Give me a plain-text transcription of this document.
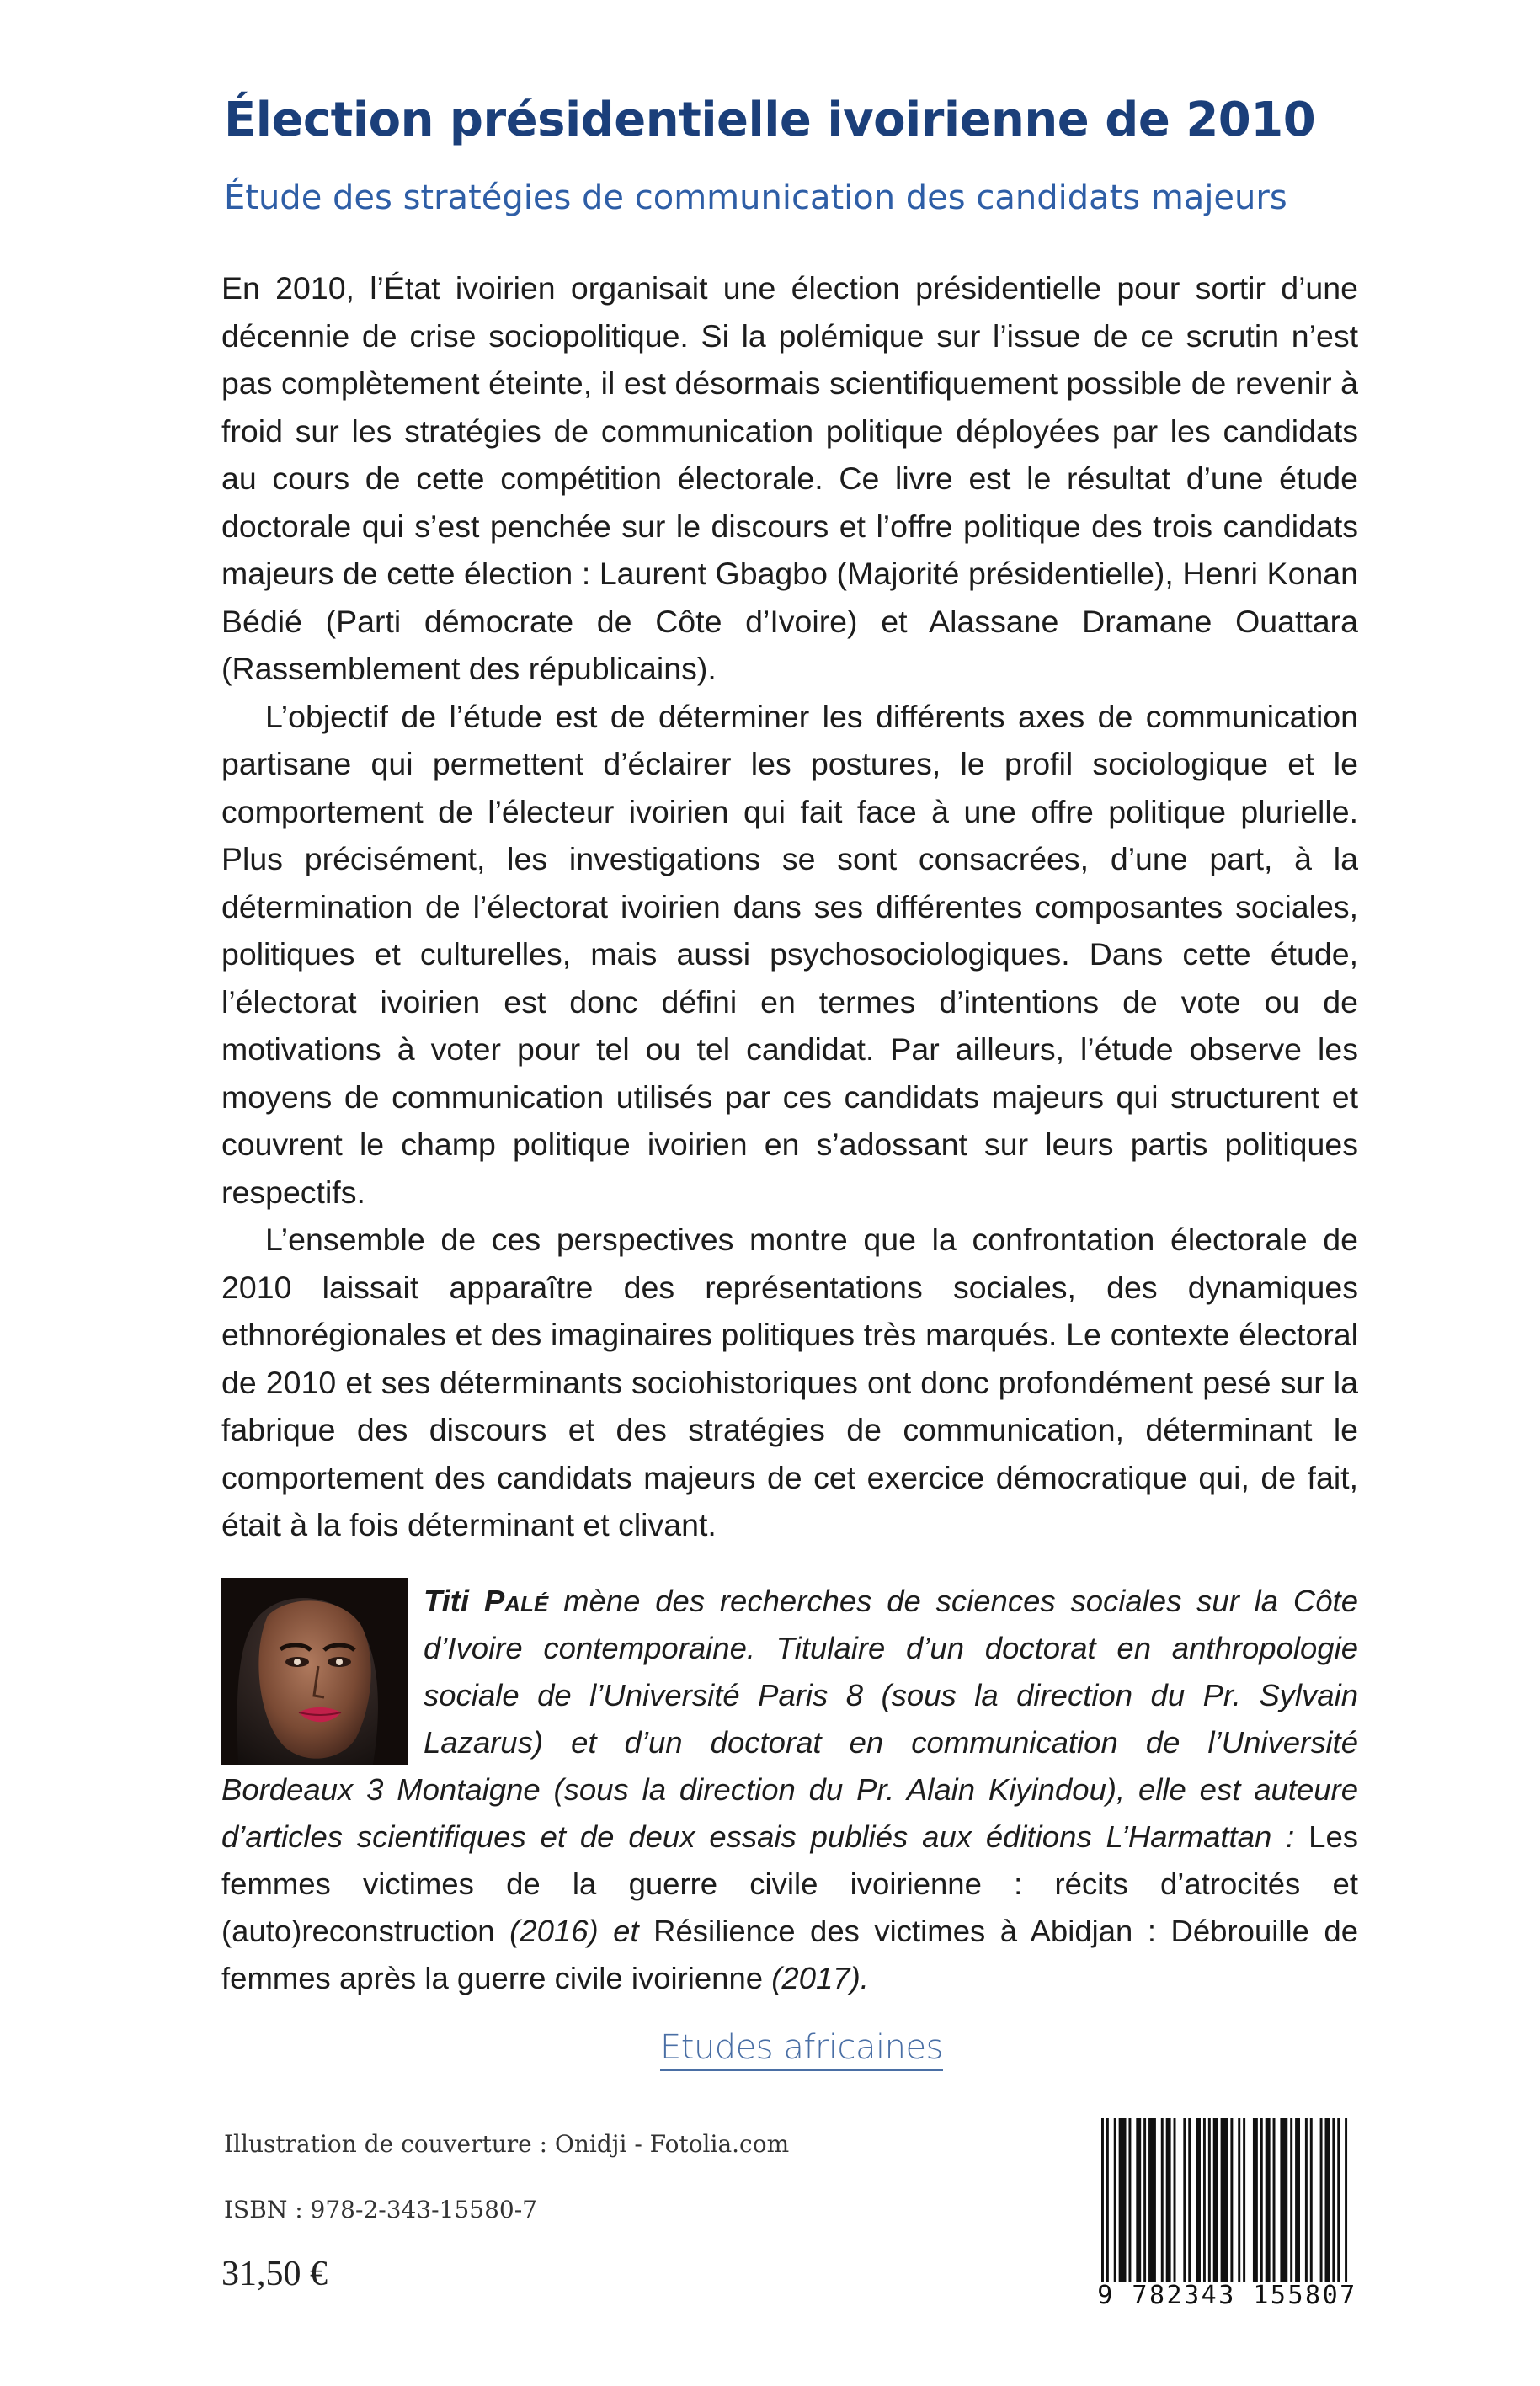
Élection présidentielle ivoirienne de 2010
Étude des stratégies de communication des candidats majeurs

En 2010, l’État ivoirien organisait une élection présidentielle pour sortir d’une décennie de crise sociopolitique. Si la polémique sur l’issue de ce scrutin n’est pas complètement éteinte, il est désormais scientifiquement possible de revenir à froid sur les stratégies de communication politique déployées par les candidats au cours de cette compétition électorale. Ce livre est le résultat d’une étude doctorale qui s’est penchée sur le discours et l’offre politique des trois candidats majeurs de cette élection : Laurent Gbagbo (Majorité présidentielle), Henri Konan Bédié (Parti démocrate de Côte d’Ivoire) et Alassane Dramane Ouattara (Rassemblement des républicains).

L’objectif de l’étude est de déterminer les différents axes de communication partisane qui permettent d’éclairer les postures, le profil sociologique et le comportement de l’électeur ivoirien qui fait face à une offre politique plurielle. Plus précisément, les investigations se sont consacrées, d’une part, à la détermination de l’électorat ivoirien dans ses différentes composantes sociales, politiques et culturelles, mais aussi psychosociologiques. Dans cette étude, l’électorat ivoirien est donc défini en termes d’intentions de vote ou de motivations à voter pour tel ou tel candidat. Par ailleurs, l’étude observe les moyens de communication utilisés par ces candidats majeurs qui structurent et couvrent le champ politique ivoirien en s’adossant sur leurs partis politiques respectifs.

L’ensemble de ces perspectives montre que la confrontation électorale de 2010 laissait apparaître des représentations sociales, des dynamiques ethnorégionales et des imaginaires politiques très marqués. Le contexte électoral de 2010 et ses déterminants sociohistoriques ont donc profondément pesé sur la fabrique des discours et des stratégies de communication, déterminant le comportement des candidats majeurs de cet exercice démocratique qui, de fait, était à la fois déterminant et clivant.

Titi Palé mène des recherches de sciences sociales sur la Côte d’Ivoire contemporaine. Titulaire d’un doctorat en anthropologie sociale de l’Université Paris 8 (sous la direction du Pr. Sylvain Lazarus) et d’un doctorat en communication de l’Université Bordeaux 3 Montaigne (sous la direction du Pr. Alain Kiyindou), elle est auteure d’articles scientifiques et de deux essais publiés aux éditions L’Harmattan : Les femmes victimes de la guerre civile ivoirienne : récits d’atrocités et (auto)reconstruction (2016) et Résilience des victimes à Abidjan : Débrouille de femmes après la guerre civile ivoirienne (2017).
Etudes africaines
Illustration de couverture : Onidji - Fotolia.com
ISBN : 978-2-343-15580-7
31,50 €
9 782343 155807
